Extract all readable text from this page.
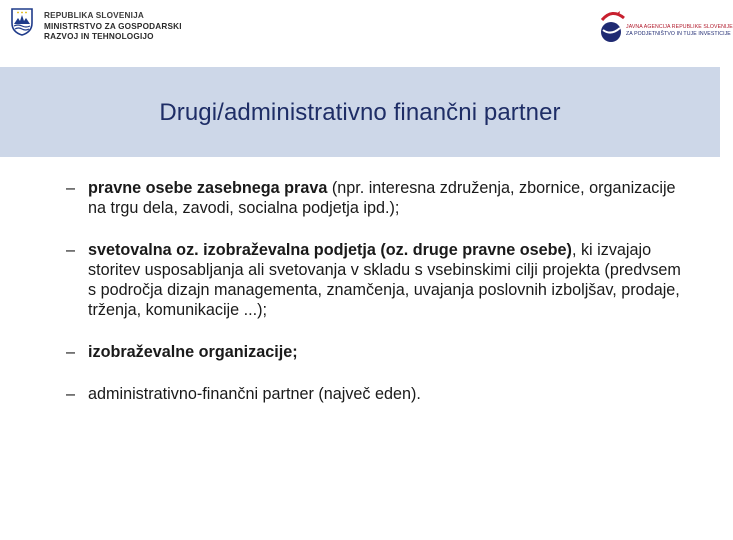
REPUBLIKA SLOVENIJA
MINISTRSTVO ZA GOSPODARSKI
RAZVOJ IN TEHNOLOGIJO
JAVNA AGENCIJA REPUBLIKE SLOVENIJE
ZA PODJETNIŠTVO IN TUJE INVESTICIJE
Drugi/administrativno finančni partner
– pravne osebe zasebnega prava (npr. interesna združenja, zbornice, organizacije na trgu dela, zavodi, socialna podjetja ipd.);
– svetovalna oz. izobraževalna podjetja (oz. druge pravne osebe), ki izvajajo storitev usposabljanja ali svetovanja v skladu s vsebinskimi cilji projekta (predvsem s področja dizajn managementa, znamčenja, uvajanja poslovnih izboljšav, prodaje, trženja, komunikacije ...);
– izobraževalne organizacije;
– administrativno-finančni partner (največ eden).
